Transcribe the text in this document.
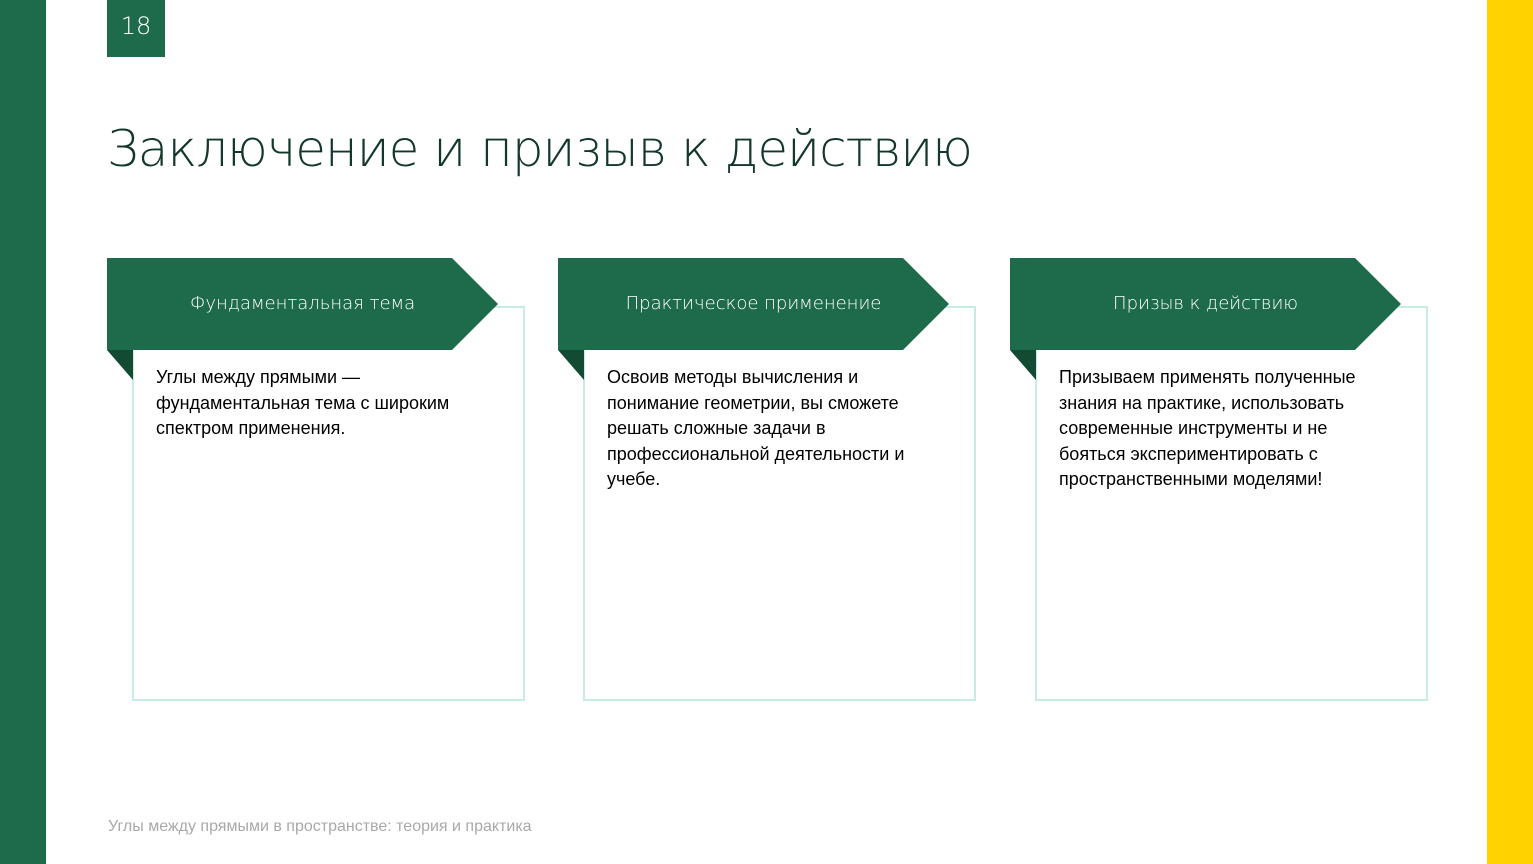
18
Заключение и призыв к действию
Фундаментальная тема

Углы между прямыми — фундаментальная тема с широким спектром применения.

Практическое применение

Освоив методы вычисления и понимание геометрии, вы сможете решать сложные задачи в профессиональной деятельности и учебе.

Призыв к действию

Призываем применять полученные знания на практике, использовать современные инструменты и не бояться экспериментировать с пространственными моделями!

Углы между прямыми в пространстве: теория и практика
